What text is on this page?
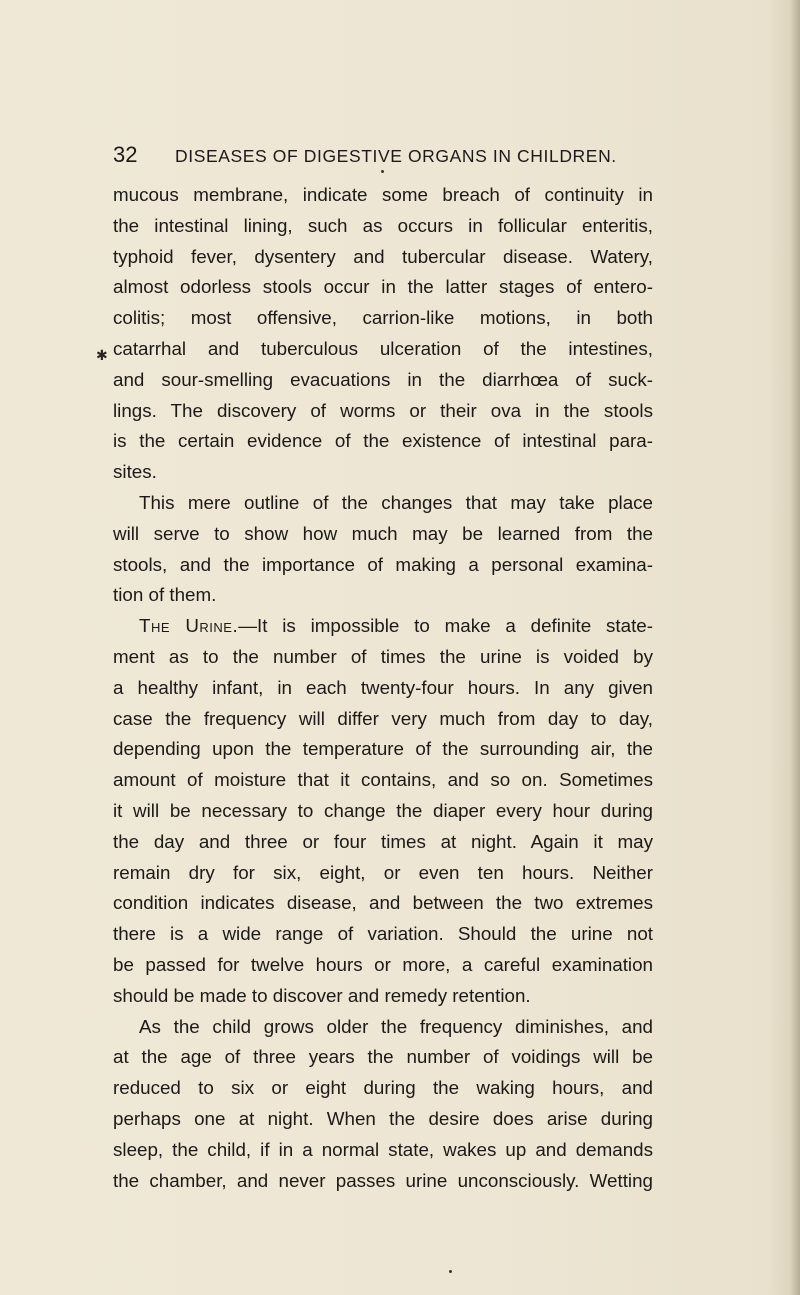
32 DISEASES OF DIGESTIVE ORGANS IN CHILDREN.
✱
mucous membrane, indicate some breach of continuity in
the intestinal lining, such as occurs in follicular enteritis,
typhoid fever, dysentery and tubercular disease. Watery,
almost odorless stools occur in the latter stages of entero-
colitis; most offensive, carrion-like motions, in both
catarrhal and tuberculous ulceration of the intestines,
and sour-smelling evacuations in the diarrhœa of suck-
lings. The discovery of worms or their ova in the stools
is the certain evidence of the existence of intestinal para-
sites.
This mere outline of the changes that may take place
will serve to show how much may be learned from the
stools, and the importance of making a personal examina-
tion of them.
The Urine.—It is impossible to make a definite state-
ment as to the number of times the urine is voided by
a healthy infant, in each twenty-four hours. In any given
case the frequency will differ very much from day to day,
depending upon the temperature of the surrounding air, the
amount of moisture that it contains, and so on. Sometimes
it will be necessary to change the diaper every hour during
the day and three or four times at night. Again it may
remain dry for six, eight, or even ten hours. Neither
condition indicates disease, and between the two extremes
there is a wide range of variation. Should the urine not
be passed for twelve hours or more, a careful examination
should be made to discover and remedy retention.
As the child grows older the frequency diminishes, and
at the age of three years the number of voidings will be
reduced to six or eight during the waking hours, and
perhaps one at night. When the desire does arise during
sleep, the child, if in a normal state, wakes up and demands
the chamber, and never passes urine unconsciously. Wetting
